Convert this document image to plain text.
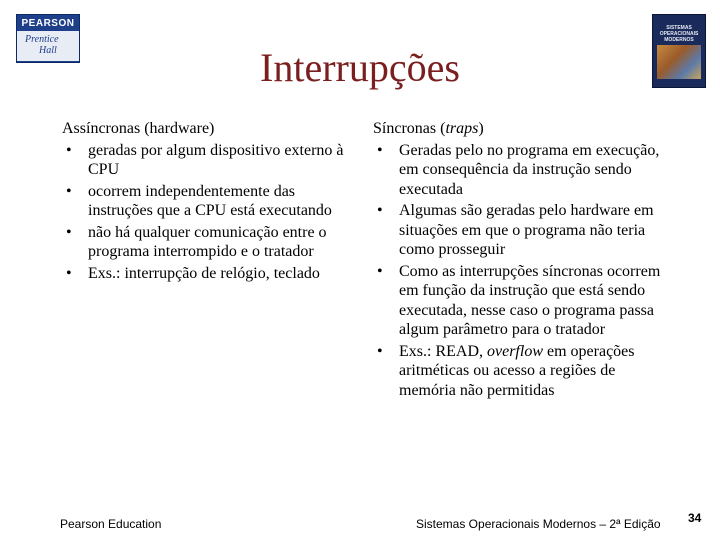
PEARSON
Prentice
Hall
SISTEMAS OPERACIONAIS MODERNOS
Interrupções
Assíncronas (hardware)
• geradas por algum dispositivo externo à CPU
• ocorrem independentemente das instruções que a CPU está executando
• não há qualquer comunicação entre o programa interrompido e o tratador
• Exs.: interrupção de relógio, teclado
Síncronas (traps)
• Geradas pelo no programa em execução, em consequência da instrução sendo executada
• Algumas são geradas pelo hardware em situações em que o programa não teria como prosseguir
• Como as interrupções síncronas ocorrem em função da instrução que está sendo executada, nesse caso o programa passa algum parâmetro para o tratador
• Exs.: READ, overflow em operações aritméticas ou acesso a regiões de memória não permitidas
Pearson Education	Sistemas Operacionais Modernos – 2ª Edição 34
